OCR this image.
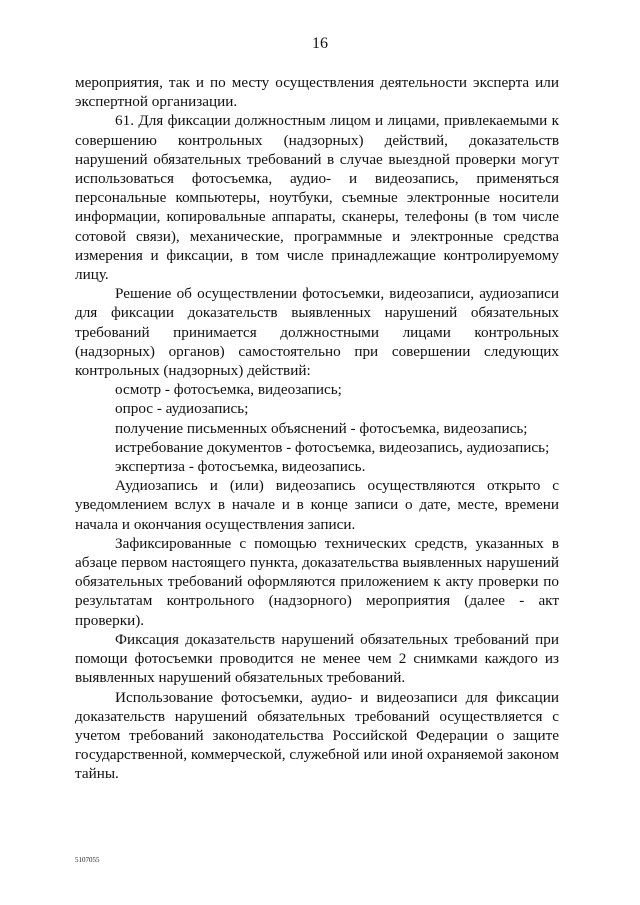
16

мероприятия, так и по месту осуществления деятельности эксперта или экспертной организации.

61. Для фиксации должностным лицом и лицами, привлекаемыми к совершению контрольных (надзорных) действий, доказательств нарушений обязательных требований в случае выездной проверки могут использоваться фотосъемка, аудио- и видеозапись, применяться персональные компьютеры, ноутбуки, съемные электронные носители информации, копировальные аппараты, сканеры, телефоны (в том числе сотовой связи), механические, программные и электронные средства измерения и фиксации, в том числе принадлежащие контролируемому лицу.

Решение об осуществлении фотосъемки, видеозаписи, аудиозаписи для фиксации доказательств выявленных нарушений обязательных требований принимается должностными лицами контрольных (надзорных) органов) самостоятельно при совершении следующих контрольных (надзорных) действий:

осмотр - фотосъемка, видеозапись;

опрос - аудиозапись;

получение письменных объяснений - фотосъемка, видеозапись;

истребование документов - фотосъемка, видеозапись, аудиозапись;

экспертиза - фотосъемка, видеозапись.

Аудиозапись и (или) видеозапись осуществляются открыто с уведомлением вслух в начале и в конце записи о дате, месте, времени начала и окончания осуществления записи.

Зафиксированные с помощью технических средств, указанных в абзаце первом настоящего пункта, доказательства выявленных нарушений обязательных требований оформляются приложением к акту проверки по результатам контрольного (надзорного) мероприятия (далее - акт проверки).

Фиксация доказательств нарушений обязательных требований при помощи фотосъемки проводится не менее чем 2 снимками каждого из выявленных нарушений обязательных требований.

Использование фотосъемки, аудио- и видеозаписи для фиксации доказательств нарушений обязательных требований осуществляется с учетом требований законодательства Российской Федерации о защите государственной, коммерческой, служебной или иной охраняемой законом тайны.

5107055
